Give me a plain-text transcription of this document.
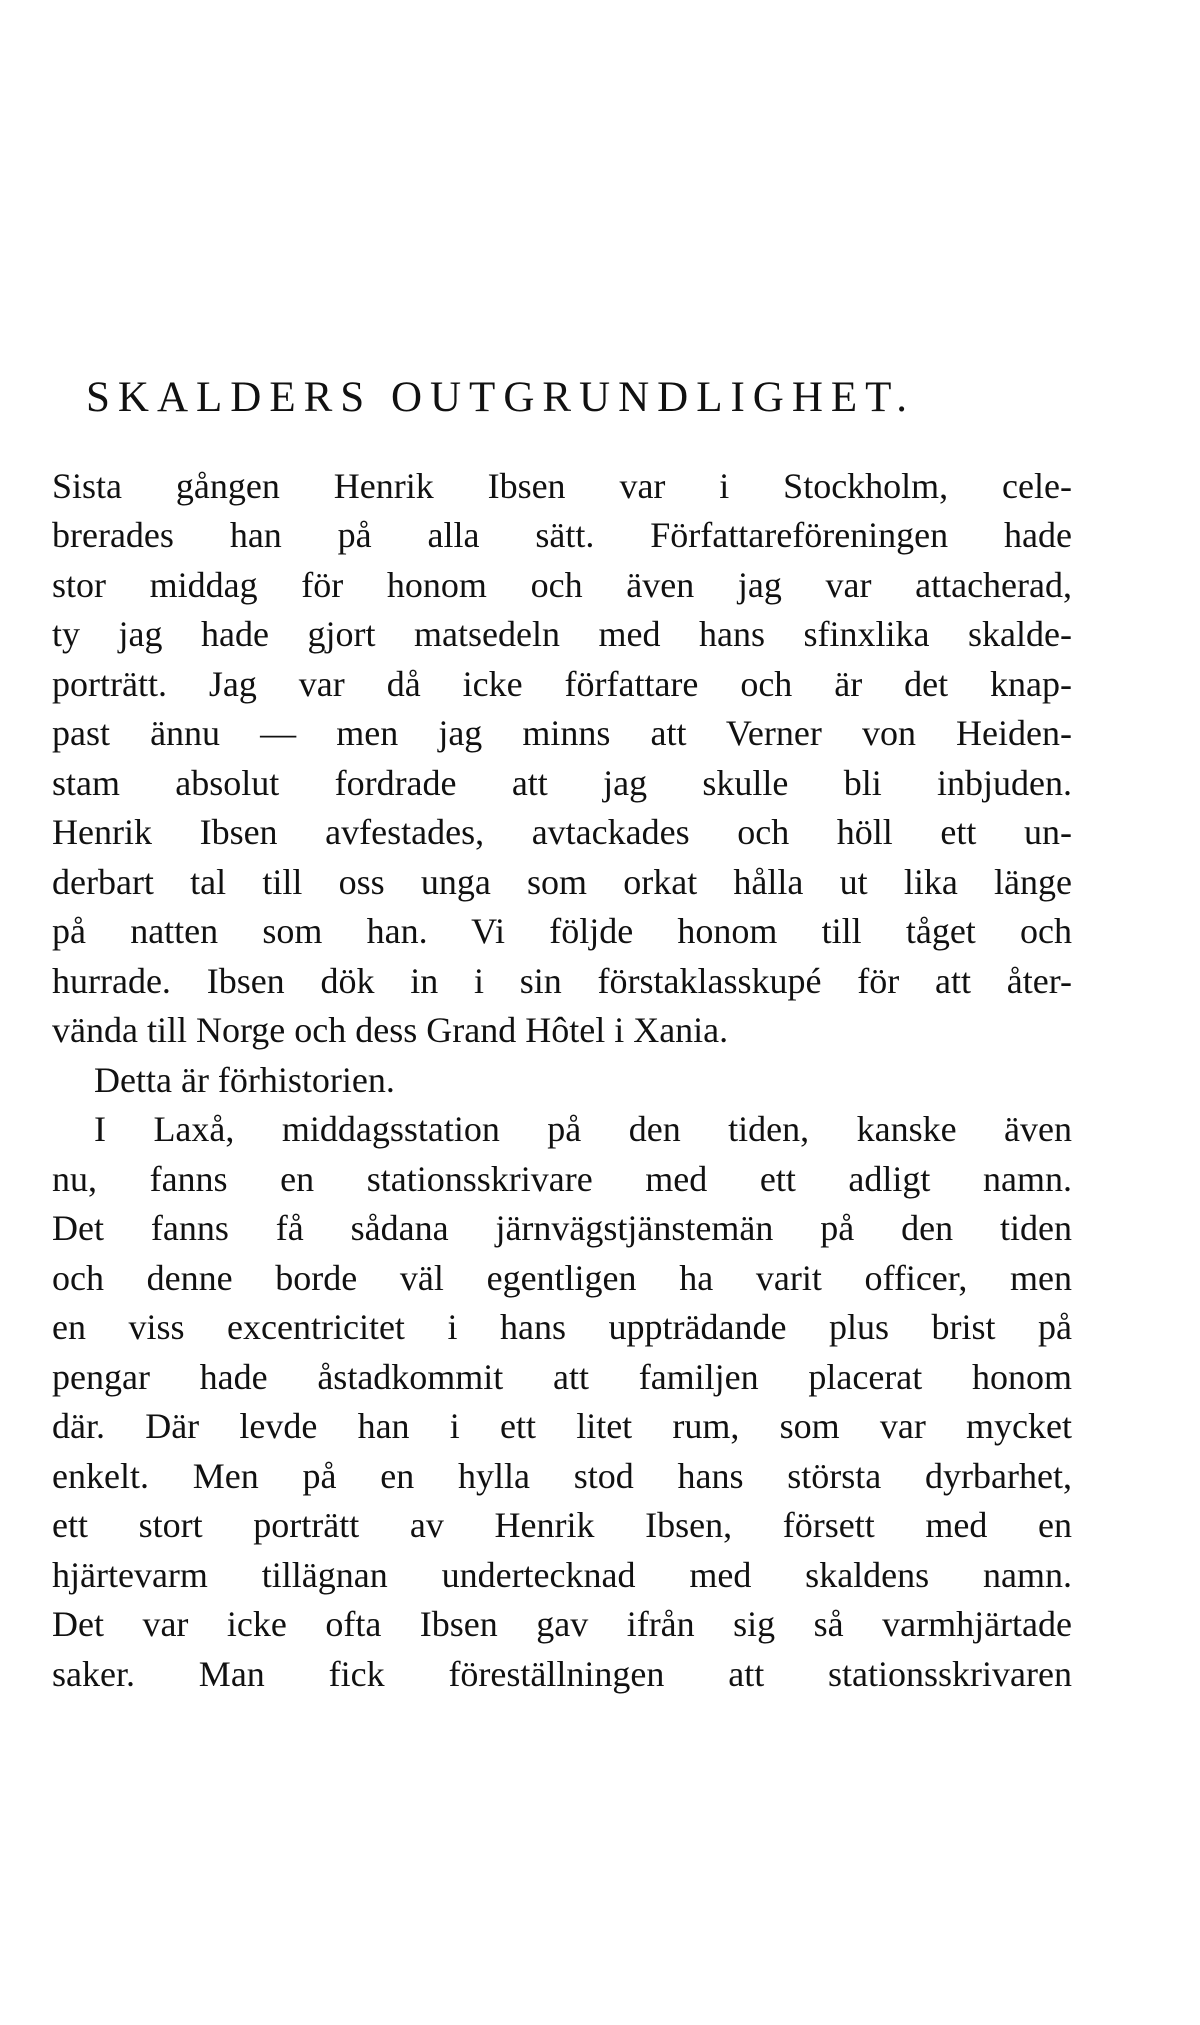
SKALDERS OUTGRUNDLIGHET.
Sista gången Henrik Ibsen var i Stockholm, cele-
brerades han på alla sätt. Författareföreningen hade
stor middag för honom och även jag var attacherad,
ty jag hade gjort matsedeln med hans sfinxlika skalde-
porträtt. Jag var då icke författare och är det knap-
past ännu — men jag minns att Verner von Heiden-
stam absolut fordrade att jag skulle bli inbjuden.
Henrik Ibsen avfestades, avtackades och höll ett un-
derbart tal till oss unga som orkat hålla ut lika länge
på natten som han. Vi följde honom till tåget och
hurrade. Ibsen dök in i sin förstaklasskupé för att åter-
vända till Norge och dess Grand Hôtel i Xania.
Detta är förhistorien.
I Laxå, middagsstation på den tiden, kanske även
nu, fanns en stationsskrivare med ett adligt namn.
Det fanns få sådana järnvägstjänstemän på den tiden
och denne borde väl egentligen ha varit officer, men
en viss excentricitet i hans uppträdande plus brist på
pengar hade åstadkommit att familjen placerat honom
där. Där levde han i ett litet rum, som var mycket
enkelt. Men på en hylla stod hans största dyrbarhet,
ett stort porträtt av Henrik Ibsen, försett med en
hjärtevarm tillägnan undertecknad med skaldens namn.
Det var icke ofta Ibsen gav ifrån sig så varmhjärtade
saker. Man fick föreställningen att stationsskrivaren
